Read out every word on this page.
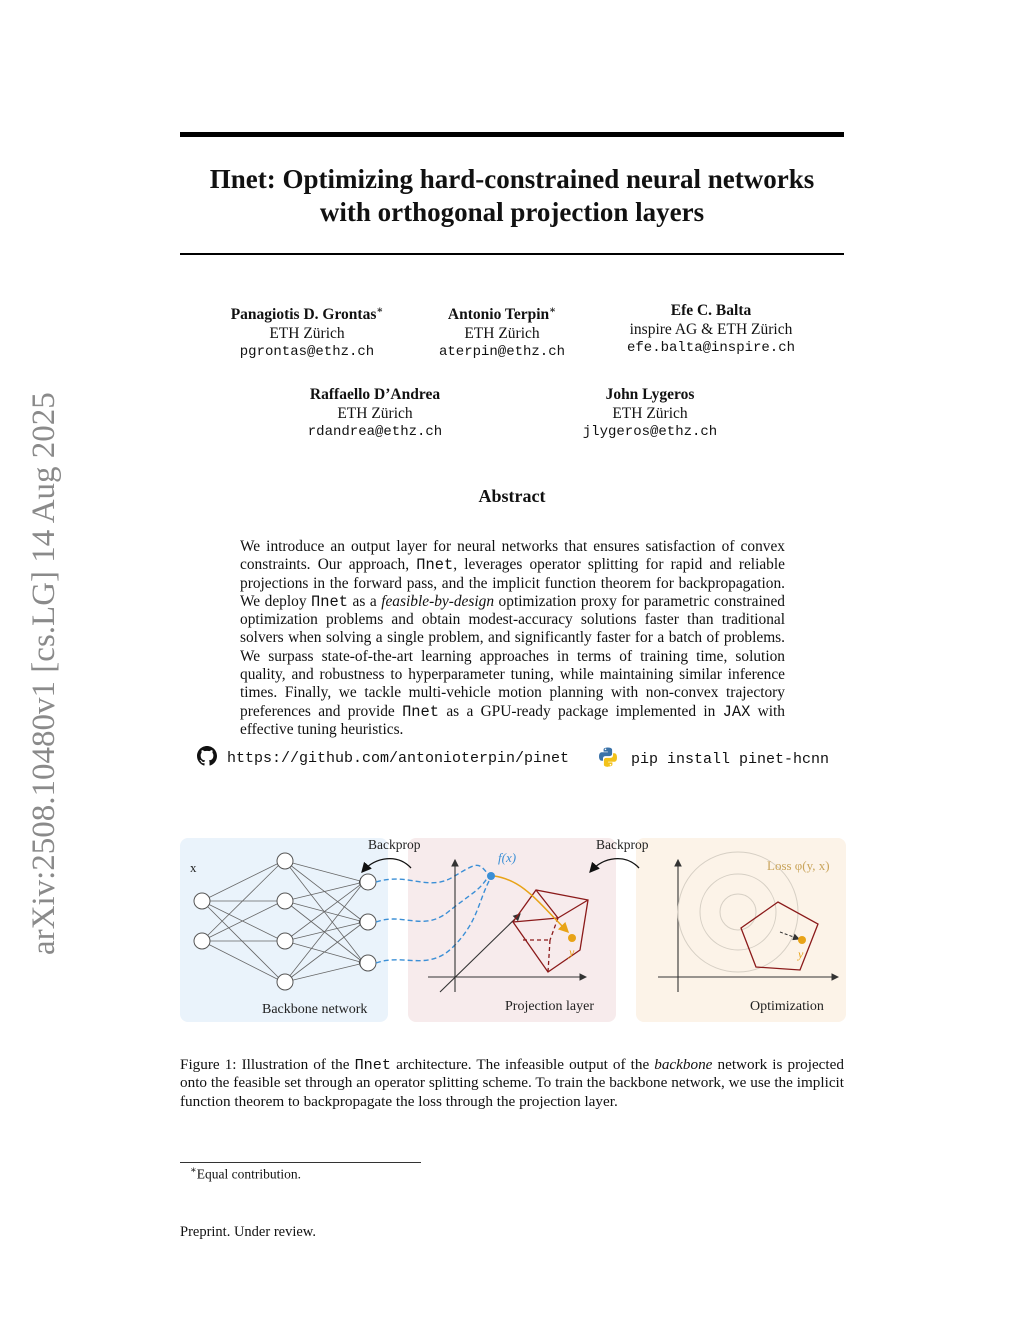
arXiv:2508.10480v1 [cs.LG] 14 Aug 2025
Πnet: Optimizing hard-constrained neural networks
with orthogonal projection layers
Panagiotis D. Grontas∗
ETH Zürich
pgrontas@ethz.ch
Antonio Terpin∗
ETH Zürich
aterpin@ethz.ch
Efe C. Balta
inspire AG & ETH Zürich
efe.balta@inspire.ch
Raffaello D’Andrea
ETH Zürich
rdandrea@ethz.ch
John Lygeros
ETH Zürich
jlygeros@ethz.ch
Abstract
We introduce an output layer for neural networks that ensures satisfaction of convex constraints. Our approach, Πnet, leverages operator splitting for rapid and reliable projections in the forward pass, and the implicit function theorem for backpropagation. We deploy Πnet as a feasible-by-design optimization proxy for parametric constrained optimization problems and obtain modest-accuracy solutions faster than traditional solvers when solving a single problem, and significantly faster for a batch of problems. We surpass state-of-the-art learning approaches in terms of training time, solution quality, and robustness to hyperparameter tuning, while maintaining similar inference times. Finally, we tackle multi-vehicle motion planning with non-convex trajectory preferences and provide Πnet as a GPU-ready package implemented in JAX with effective tuning heuristics.
https://github.com/antonioterpin/pinet	pip install pinet-hcnn
x
Backprop	Backprop
f(x)
y
Loss φ(y, x)
y
Backbone network	Projection layer	Optimization
Figure 1: Illustration of the Πnet architecture. The infeasible output of the backbone network is projected onto the feasible set through an operator splitting scheme. To train the backbone network, we use the implicit function theorem to backpropagate the loss through the projection layer.
∗Equal contribution.
Preprint. Under review.
